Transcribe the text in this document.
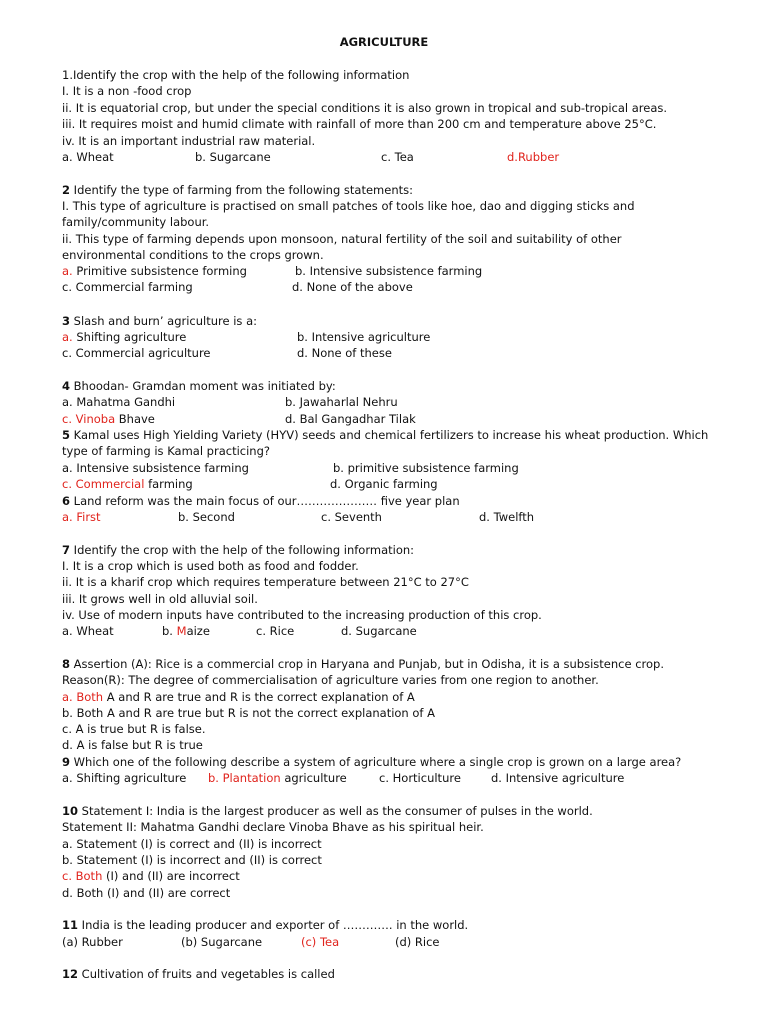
AGRICULTURE
1.Identify the crop with the help of the following information
I. It is a non -food crop
ii. It is equatorial crop, but under the special conditions it is also grown in tropical and sub-tropical areas.
iii. It requires moist and humid climate with rainfall of more than 200 cm and temperature above 25°C.
iv. It is an important industrial raw material.
a. Wheat	b. Sugarcane	c. Tea	d.Rubber
2 Identify the type of farming from the following statements:
I. This type of agriculture is practised on small patches of tools like hoe, dao and digging sticks and
family/community labour.
ii. This type of farming depends upon monsoon, natural fertility of the soil and suitability of other
environmental conditions to the crops grown.
a. Primitive subsistence forming	b. Intensive subsistence farming
c. Commercial farming	d. None of the above
3 Slash and burn’ agriculture is a:
a. Shifting agriculture	b. Intensive agriculture
c. Commercial agriculture	d. None of these
4 Bhoodan- Gramdan moment was initiated by:
a. Mahatma Gandhi	b. Jawaharlal Nehru
c. Vinoba Bhave	d. Bal Gangadhar Tilak
5 Kamal uses High Yielding Variety (HYV) seeds and chemical fertilizers to increase his wheat production. Which
type of farming is Kamal practicing?
a. Intensive subsistence farming	b. primitive subsistence farming
c. Commercial farming	d. Organic farming
6 Land reform was the main focus of our………………… five year plan
a. First	b. Second	c. Seventh	d. Twelfth
7 Identify the crop with the help of the following information:
I. It is a crop which is used both as food and fodder.
ii. It is a kharif crop which requires temperature between 21°C to 27°C
iii. It grows well in old alluvial soil.
iv. Use of modern inputs have contributed to the increasing production of this crop.
a. Wheat	b. Maize	c. Rice	d. Sugarcane
8 Assertion (A): Rice is a commercial crop in Haryana and Punjab, but in Odisha, it is a subsistence crop.
Reason(R): The degree of commercialisation of agriculture varies from one region to another.
a. Both A and R are true and R is the correct explanation of A
b. Both A and R are true but R is not the correct explanation of A
c. A is true but R is false.
d. A is false but R is true
9 Which one of the following describe a system of agriculture where a single crop is grown on a large area?
a. Shifting agriculture b. Plantation agriculture	c. Horticulture	d. Intensive agriculture
10 Statement I: India is the largest producer as well as the consumer of pulses in the world.
Statement II: Mahatma Gandhi declare Vinoba Bhave as his spiritual heir.
a. Statement (I) is correct and (II) is incorrect
b. Statement (I) is incorrect and (II) is correct
c. Both (I) and (II) are incorrect
d. Both (I) and (II) are correct
11 India is the leading producer and exporter of …………. in the world.
(a) Rubber	(b) Sugarcane	(c) Tea	(d) Rice
12 Cultivation of fruits and vegetables is called
